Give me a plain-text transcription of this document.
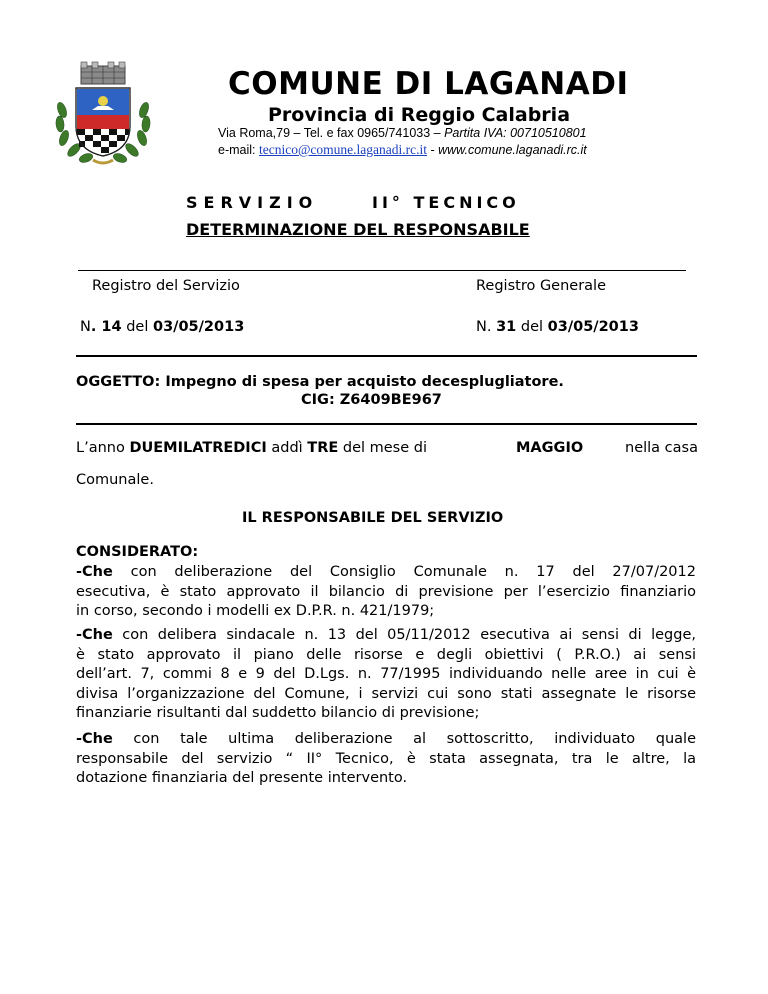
COMUNE DI LAGANADI
Provincia di Reggio Calabria
Via Roma,79 – Tel. e fax 0965/741033 – Partita IVA: 00710510801
e-mail: tecnico@comune.laganadi.rc.it - www.comune.laganadi.rc.it
SERVIZIO	II° TECNICO
DETERMINAZIONE DEL RESPONSABILE
Registro del Servizio	Registro Generale
N. 14 del 03/05/2013	N. 31 del 03/05/2013
OGGETTO: Impegno di spesa per acquisto decesplugliatore.
CIG: Z6409BE967
L’anno DUEMILATREDICI addì TRE del mese di	MAGGIO	nella casa
Comunale.
IL RESPONSABILE DEL SERVIZIO
CONSIDERATO:
-Che con deliberazione del Consiglio Comunale n. 17 del 27/07/2012
esecutiva, è stato approvato il bilancio di previsione per l’esercizio finanziario
in corso, secondo i modelli ex D.P.R. n. 421/1979;
-Che con delibera sindacale n. 13 del 05/11/2012 esecutiva ai sensi di legge,
è stato approvato il piano delle risorse e degli obiettivi ( P.R.O.) ai sensi
dell’art. 7, commi 8 e 9 del D.Lgs. n. 77/1995 individuando nelle aree in cui è
divisa l’organizzazione del Comune, i servizi cui sono stati assegnate le risorse
finanziarie risultanti dal suddetto bilancio di previsione;
-Che con tale ultima deliberazione al sottoscritto, individuato quale
responsabile del servizio “ II° Tecnico, è stata assegnata, tra le altre, la
dotazione finanziaria del presente intervento.
